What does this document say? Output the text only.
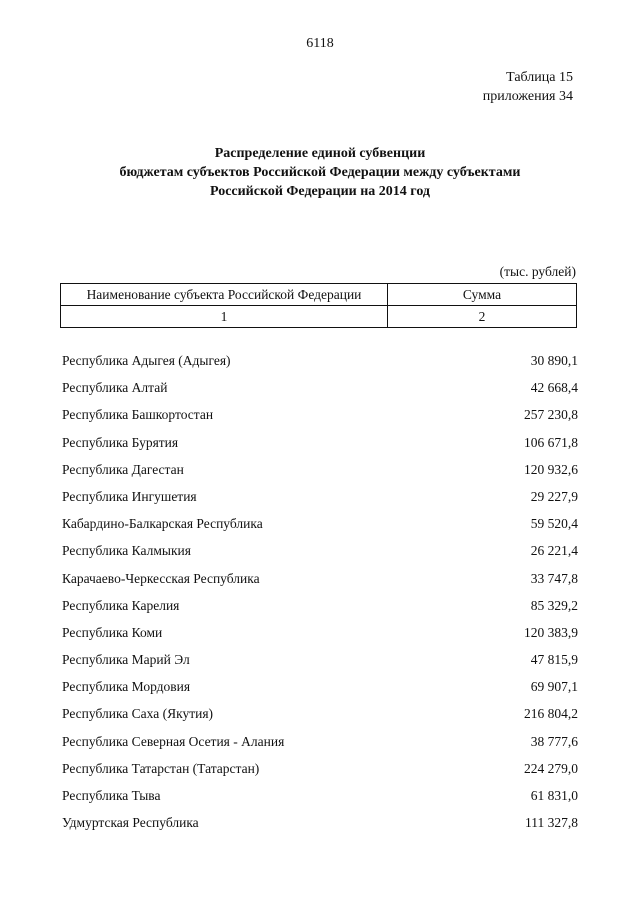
6118
Таблица 15
приложения 34
Распределение единой субвенции
бюджетам субъектов Российской Федерации между субъектами
Российской Федерации на 2014 год
(тыс. рублей)
Наименование субъекта Российской Федерации	Сумма
1	2
Республика Адыгея (Адыгея)	30 890,1
Республика Алтай	42 668,4
Республика Башкортостан	257 230,8
Республика Бурятия	106 671,8
Республика Дагестан	120 932,6
Республика Ингушетия	29 227,9
Кабардино-Балкарская Республика	59 520,4
Республика Калмыкия	26 221,4
Карачаево-Черкесская Республика	33 747,8
Республика Карелия	85 329,2
Республика Коми	120 383,9
Республика Марий Эл	47 815,9
Республика Мордовия	69 907,1
Республика Саха (Якутия)	216 804,2
Республика Северная Осетия - Алания	38 777,6
Республика Татарстан (Татарстан)	224 279,0
Республика Тыва	61 831,0
Удмуртская Республика	111 327,8
